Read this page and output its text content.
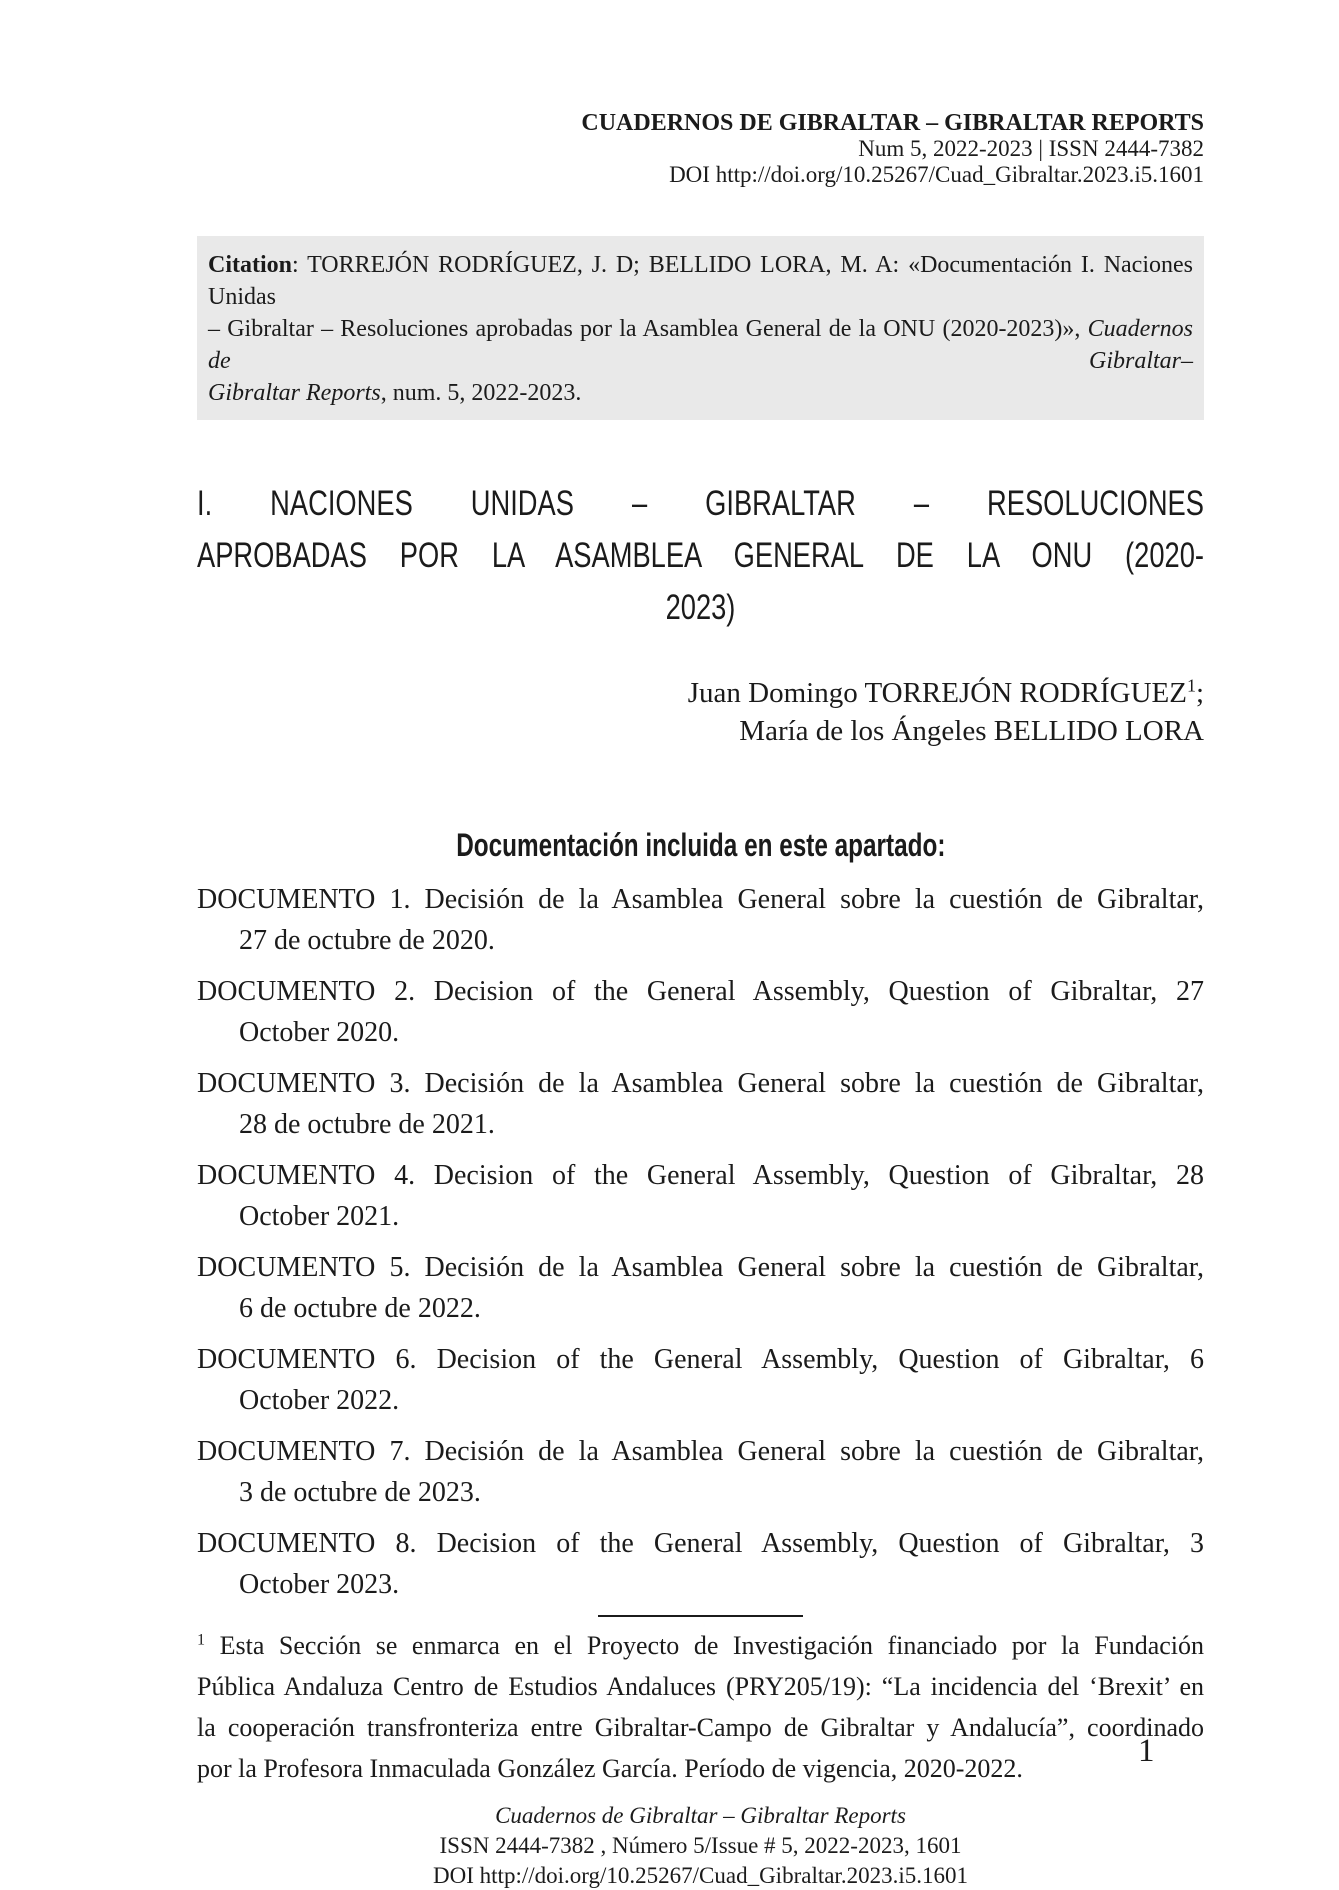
CUADERNOS DE GIBRALTAR – GIBRALTAR REPORTS
Num 5, 2022-2023 | ISSN 2444-7382
DOI http://doi.org/10.25267/Cuad_Gibraltar.2023.i5.1601
Citation: TORREJÓN RODRÍGUEZ, J. D; BELLIDO LORA, M. A: «Documentación I. Naciones Unidas
– Gibraltar – Resoluciones aprobadas por la Asamblea General de la ONU (2020-2023)», Cuadernos de Gibraltar–
Gibraltar Reports, num. 5, 2022-2023.
I. NACIONES UNIDAS – GIBRALTAR – RESOLUCIONES
APROBADAS POR LA ASAMBLEA GENERAL DE LA ONU (2020-
2023)
Juan Domingo TORREJÓN RODRÍGUEZ$^1$;
María de los Ángeles BELLIDO LORA
Documentación incluida en este apartado:
DOCUMENTO 1. Decisión de la Asamblea General sobre la cuestión de Gibraltar,
27 de octubre de 2020.
DOCUMENTO 2. Decision of the General Assembly, Question of Gibraltar, 27
October 2020.
DOCUMENTO 3. Decisión de la Asamblea General sobre la cuestión de Gibraltar,
28 de octubre de 2021.
DOCUMENTO 4. Decision of the General Assembly, Question of Gibraltar, 28
October 2021.
DOCUMENTO 5. Decisión de la Asamblea General sobre la cuestión de Gibraltar,
6 de octubre de 2022.
DOCUMENTO 6. Decision of the General Assembly, Question of Gibraltar, 6
October 2022.
DOCUMENTO 7. Decisión de la Asamblea General sobre la cuestión de Gibraltar,
3 de octubre de 2023.
DOCUMENTO 8. Decision of the General Assembly, Question of Gibraltar, 3
October 2023.
$^1$ Esta Sección se enmarca en el Proyecto de Investigación financiado por la Fundación
Pública Andaluza Centro de Estudios Andaluces (PRY205/19): “La incidencia del ‘Brexit’ en
la cooperación transfronteriza entre Gibraltar-Campo de Gibraltar y Andalucía”, coordinado
por la Profesora Inmaculada González García. Período de vigencia, 2020-2022.
Cuadernos de Gibraltar – Gibraltar Reports
ISSN 2444-7382 , Número 5/Issue # 5, 2022-2023, 1601
DOI http://doi.org/10.25267/Cuad_Gibraltar.2023.i5.1601
1
